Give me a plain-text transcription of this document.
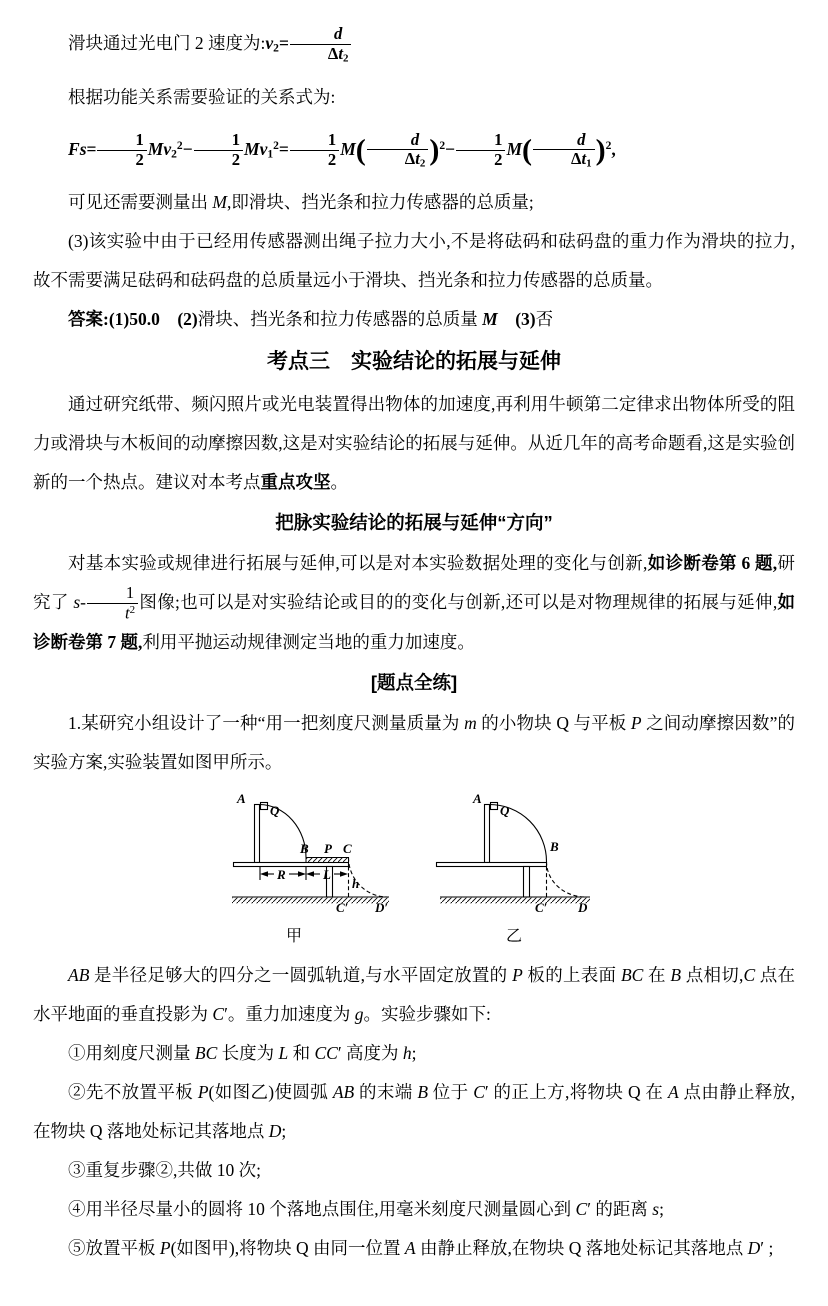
滑块通过光电门 2 速度为:v2= $\frac{d}{\Delta t2}$

根据功能关系需要验证的关系式为:

$Fs= \frac{1}{2} Mv2^2- \frac{1}{2} Mv1^2= \frac{1}{2} M( \frac{d}{\Delta t2} )^2- \frac{1}{2} M( \frac{d}{\Delta t1} )^2$,

可见还需要测量出 M,即滑块、挡光条和拉力传感器的总质量;

(3)该实验中由于已经用传感器测出绳子拉力大小,不是将砝码和砝码盘的重力作为滑块的拉力,故不需要满足砝码和砝码盘的总质量远小于滑块、挡光条和拉力传感器的总质量。

答案:(1)50.0　 (2)滑块、挡光条和拉力传感器的总质量 M　 (3)否

考点三　实验结论的拓展与延伸

通过研究纸带、频闪照片或光电装置得出物体的加速度,再利用牛顿第二定律求出物体所受的阻力或滑块与木板间的动摩擦因数,这是对实验结论的拓展与延伸。从近几年的高考命题看,这是实验创新的一个热点。建议对本考点重点攻坚。

把脉实验结论的拓展与延伸“方向”

对基本实验或规律进行拓展与延伸,可以是对本实验数据处理的变化与创新,如诊断卷第 6 题,研究了 $s- \frac{1}{t^2}$ 图像;也可以是对实验结论或目的的变化与创新,还可以是对物理规律的拓展与延伸,如诊断卷第 7 题,利用平抛运动规律测定当地的重力加速度。

[题点全练]

1.某研究小组设计了一种“用一把刻度尺测量质量为 m 的小物块 Q 与平板 P 之间动摩擦因数”的实验方案,实验装置如图甲所示。

R	L
h
A
Q
B P C
C′ D′
甲
A
Q
B
C′ D
乙

AB 是半径足够大的四分之一圆弧轨道,与水平固定放置的 P 板的上表面 BC 在 B 点相切,C 点在水平地面的垂直投影为 C′。重力加速度为 g。实验步骤如下:

①用刻度尺测量 BC 长度为 L 和 CC′ 高度为 h;

②先不放置平板 P(如图乙)使圆弧 AB 的末端 B 位于 C′ 的正上方,将物块 Q 在 A 点由静止释放,在物块 Q 落地处标记其落地点 D;

③重复步骤②,共做 10 次;

④用半径尽量小的圆将 10 个落地点围住,用毫米刻度尺测量圆心到 C′ 的距离 s;

⑤放置平板 P(如图甲),将物块 Q 由同一位置 A 由静止释放,在物块 Q 落地处标记其落地点 D′ ;
